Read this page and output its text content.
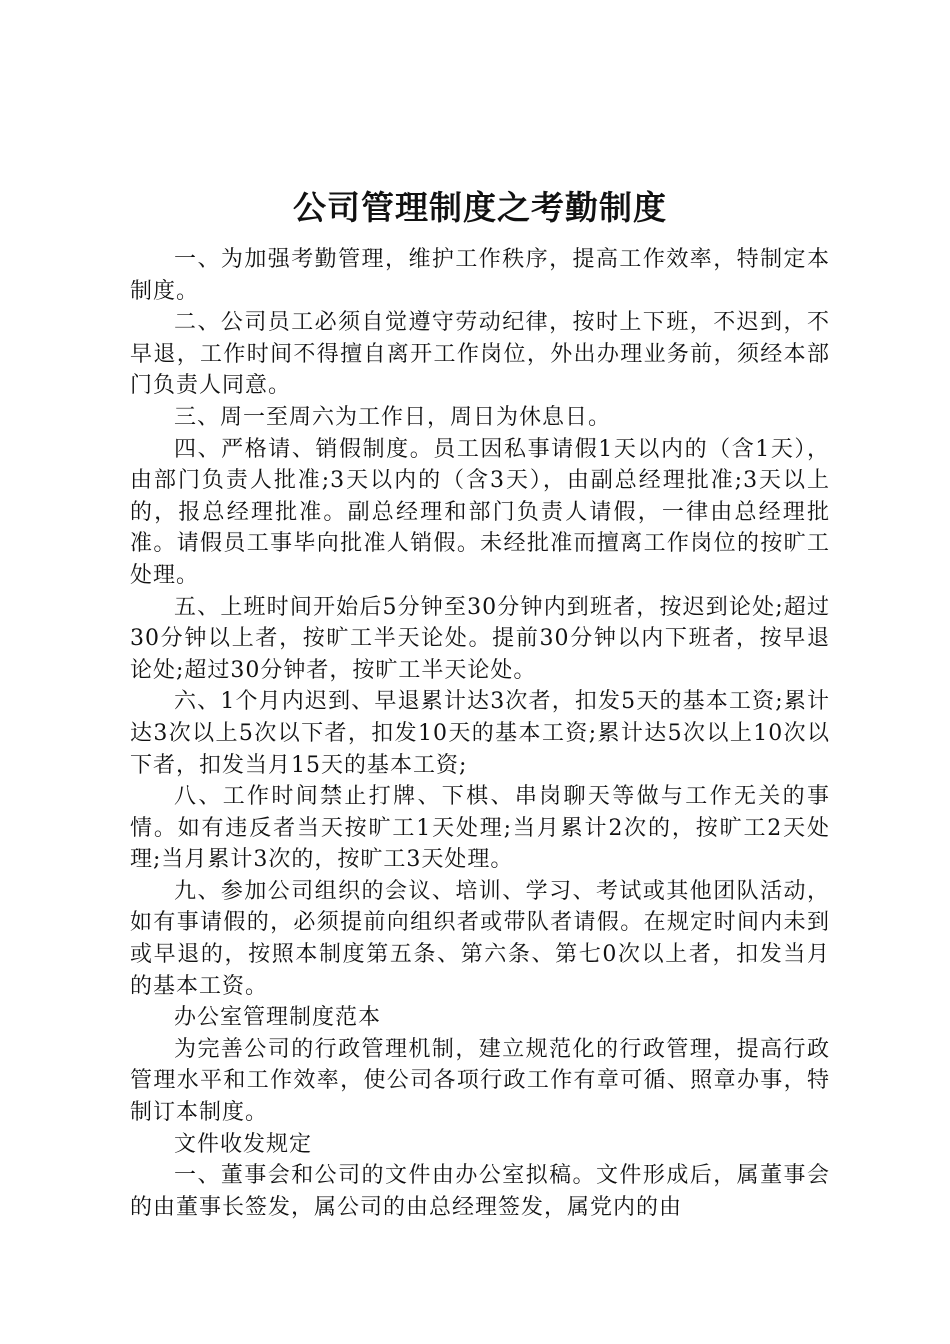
公司管理制度之考勤制度

一、为加强考勤管理，维护工作秩序，提高工作效率，特制定本制度。

二、公司员工必须自觉遵守劳动纪律，按时上下班，不迟到，不早退，工作时间不得擅自离开工作岗位，外出办理业务前，须经本部门负责人同意。

三、周一至周六为工作日，周日为休息日。

四、严格请、销假制度。员工因私事请假1天以内的（含1天），由部门负责人批准;3天以内的（含3天），由副总经理批准;3天以上的，报总经理批准。副总经理和部门负责人请假，一律由总经理批准。请假员工事毕向批准人销假。未经批准而擅离工作岗位的按旷工处理。

五、上班时间开始后5分钟至30分钟内到班者，按迟到论处;超过30分钟以上者，按旷工半天论处。提前30分钟以内下班者，按早退论处;超过30分钟者，按旷工半天论处。

六、1个月内迟到、早退累计达3次者，扣发5天的基本工资;累计达3次以上5次以下者，扣发10天的基本工资;累计达5次以上10次以下者，扣发当月15天的基本工资;

八、工作时间禁止打牌、下棋、串岗聊天等做与工作无关的事情。如有违反者当天按旷工1天处理;当月累计2次的，按旷工2天处理;当月累计3次的，按旷工3天处理。

九、参加公司组织的会议、培训、学习、考试或其他团队活动，如有事请假的，必须提前向组织者或带队者请假。在规定时间内未到或早退的，按照本制度第五条、第六条、第七0次以上者，扣发当月的基本工资。

办公室管理制度范本

为完善公司的行政管理机制，建立规范化的行政管理，提高行政管理水平和工作效率，使公司各项行政工作有章可循、照章办事，特制订本制度。

文件收发规定

一、董事会和公司的文件由办公室拟稿。文件形成后，属董事会的由董事长签发，属公司的由总经理签发，属党内的由
